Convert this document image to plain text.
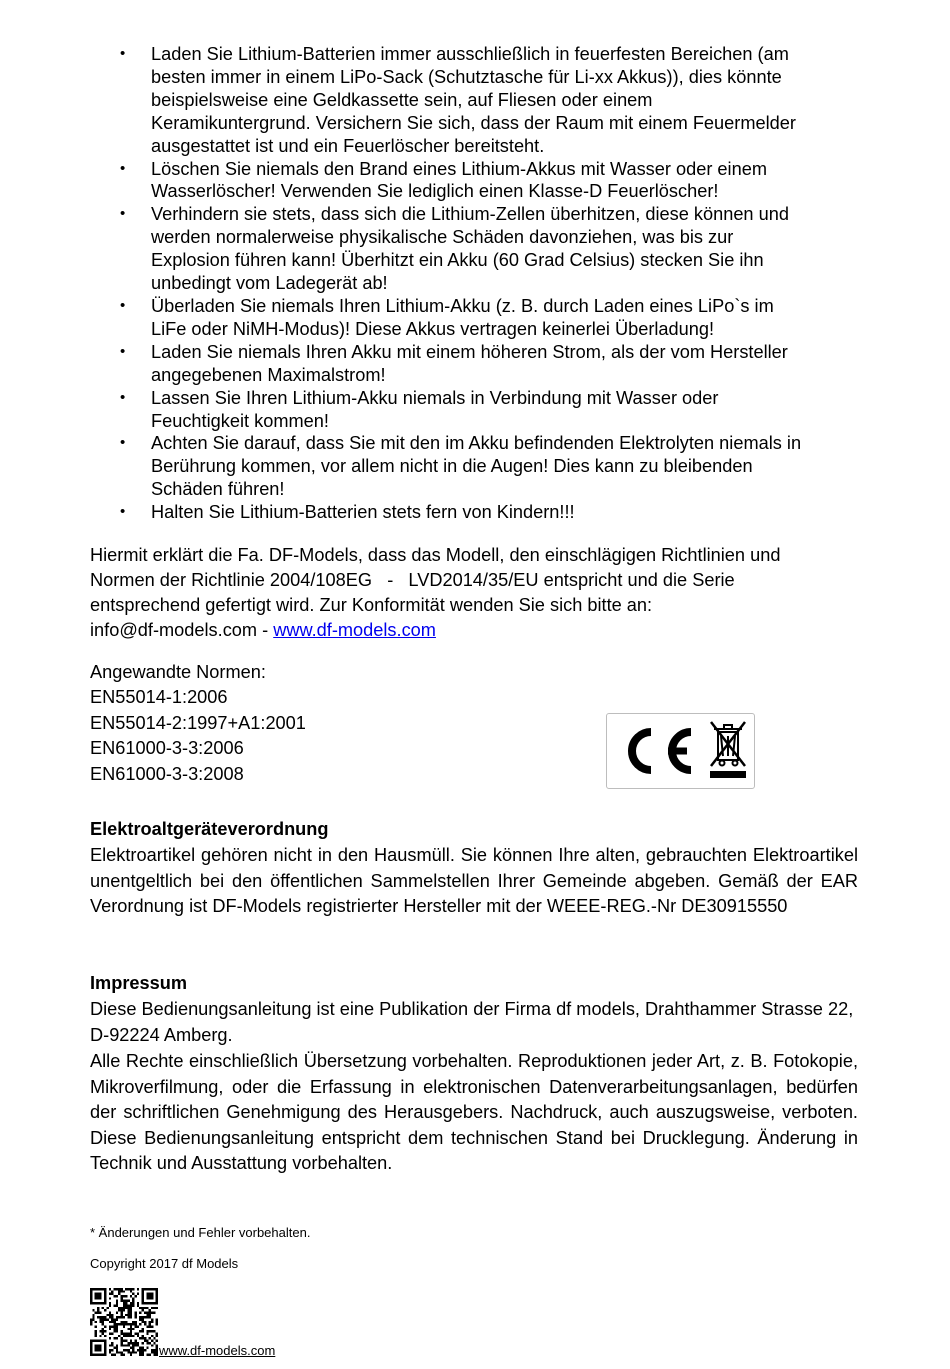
• Laden Sie Lithium-Batterien immer ausschließlich in feuerfesten Bereichen (am
besten immer in einem LiPo-Sack (Schutztasche für Li-xx Akkus)), dies könnte
beispielsweise eine Geldkassette sein, auf Fliesen oder einem
Keramikuntergrund. Versichern Sie sich, dass der Raum mit einem Feuermelder
ausgestattet ist und ein Feuerlöscher bereitsteht.
• Löschen Sie niemals den Brand eines Lithium-Akkus mit Wasser oder einem
Wasserlöscher! Verwenden Sie lediglich einen Klasse-D Feuerlöscher!
• Verhindern sie stets, dass sich die Lithium-Zellen überhitzen, diese können und
werden normalerweise physikalische Schäden davonziehen, was bis zur
Explosion führen kann! Überhitzt ein Akku (60 Grad Celsius) stecken Sie ihn
unbedingt vom Ladegerät ab!
• Überladen Sie niemals Ihren Lithium-Akku (z. B. durch Laden eines LiPo`s im
LiFe oder NiMH-Modus)! Diese Akkus vertragen keinerlei Überladung!
• Laden Sie niemals Ihren Akku mit einem höheren Strom, als der vom Hersteller
angegebenen Maximalstrom!
• Lassen Sie Ihren Lithium-Akku niemals in Verbindung mit Wasser oder
Feuchtigkeit kommen!
• Achten Sie darauf, dass Sie mit den im Akku befindenden Elektrolyten niemals in
Berührung kommen, vor allem nicht in die Augen! Dies kann zu bleibenden
Schäden führen!
• Halten Sie Lithium-Batterien stets fern von Kindern!!!

Hiermit erklärt die Fa. DF-Models, dass das Modell, den einschlägigen Richtlinien und
Normen der Richtlinie 2004/108EG   -   LVD2014/35/EU entspricht und die Serie
entsprechend gefertigt wird. Zur Konformität wenden Sie sich bitte an:
info@df-models.com - www.df-models.com

Angewandte Normen:
EN55014-1:2006
EN55014-2:1997+A1:2001
EN61000-3-3:2006
EN61000-3-3:2008
Elektroaltgeräteverordnung

Elektroartikel gehören nicht in den Hausmüll. Sie können Ihre alten, gebrauchten Elektroartikel unentgeltlich bei den öffentlichen Sammelstellen Ihrer Gemeinde abgeben. Gemäß der EAR Verordnung ist DF-Models registrierter Hersteller mit der WEEE-REG.-Nr DE30915550

Impressum

Diese Bedienungsanleitung ist eine Publikation der Firma df models, Drahthammer Strasse 22, D-92224 Amberg.

Alle Rechte einschließlich Übersetzung vorbehalten. Reproduktionen jeder Art, z. B. Fotokopie, Mikroverfilmung, oder die Erfassung in elektronischen Datenverarbeitungsanlagen, bedürfen der schriftlichen Genehmigung des Herausgebers. Nachdruck, auch auszugsweise, verboten. Diese Bedienungsanleitung entspricht dem technischen Stand bei Drucklegung. Änderung in Technik und Ausstattung vorbehalten.

* Änderungen und Fehler vorbehalten.
Copyright 2017 df Models
www.df-models.com
